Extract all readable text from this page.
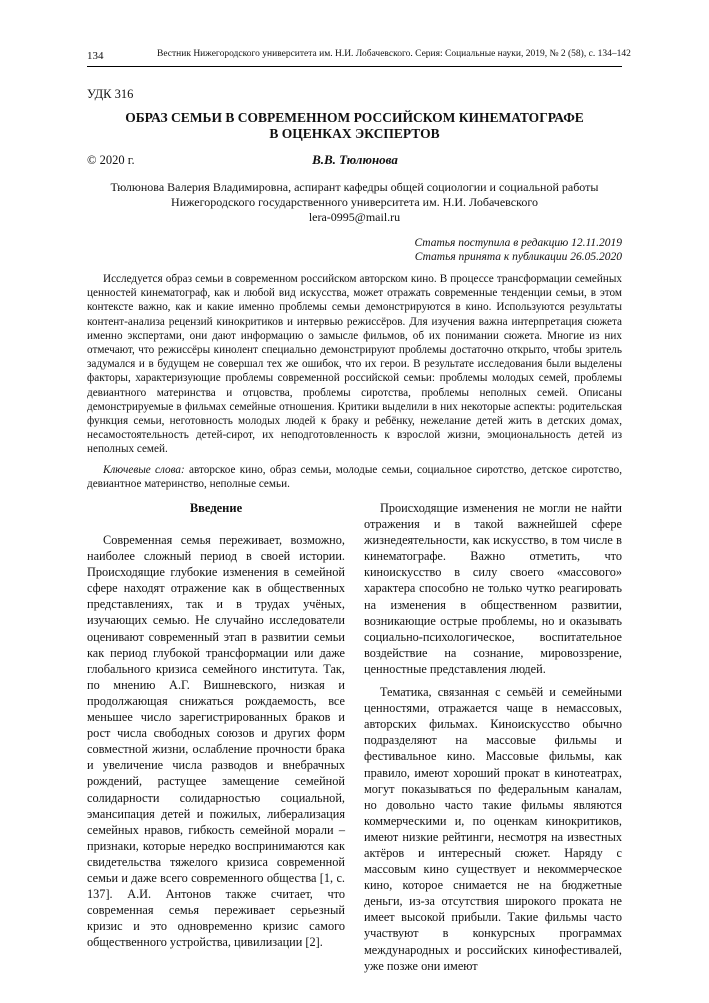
134	Вестник Нижегородского университета им. Н.И. Лобачевского. Серия: Социальные науки, 2019, № 2 (58), с. 134–142
УДК 316
ОБРАЗ СЕМЬИ В СОВРЕМЕННОМ РОССИЙСКОМ КИНЕМАТОГРАФЕ
В ОЦЕНКАХ ЭКСПЕРТОВ
© 2020 г.	В.В. Тюлюнова
Тюлюнова Валерия Владимировна, аспирант кафедры общей социологии и социальной работы
Нижегородского государственного университета им. Н.И. Лобачевского
lera-0995@mail.ru
Статья поступила в редакцию 12.11.2019
Статья принята к публикации 26.05.2020

Исследуется образ семьи в современном российском авторском кино. В процессе трансформации семейных ценностей кинематограф, как и любой вид искусства, может отражать современные тенденции семьи, в этом контексте важно, как и какие именно проблемы семьи демонстрируются в кино. Используются результаты контент-анализа рецензий кинокритиков и интервью режиссёров. Для изучения важна интерпретация сюжета именно экспертами, они дают информацию о замысле фильмов, об их понимании сюжета. Многие из них отмечают, что режиссёры кинолент специально демонстрируют проблемы достаточно открыто, чтобы зритель задумался и в будущем не совершал тех же ошибок, что их герои. В результате исследования были выделены факторы, характеризующие проблемы современной российской семьи: проблемы молодых семей, проблемы девиантного материнства и отцовства, проблемы сиротства, проблемы неполных семей. Описаны демонстрируемые в фильмах семейные отношения. Критики выделили в них некоторые аспекты: родительская функция семьи, неготовность молодых людей к браку и ребёнку, нежелание детей жить в детских домах, несамостоятельность детей-сирот, их неподготовленность к взрослой жизни, эмоциональность детей из неполных семей.

Ключевые слова: авторское кино, образ семьи, молодые семьи, социальное сиротство, детское сиротство, девиантное материнство, неполные семьи.

Введение

Современная семья переживает, возможно, наиболее сложный период в своей истории. Происходящие глубокие изменения в семейной сфере находят отражение как в общественных представлениях, так и в трудах учёных, изучающих семью. Не случайно исследователи оценивают современный этап в развитии семьи как период глубокой трансформации или даже глобального кризиса семейного института. Так, по мнению А.Г. Вишневского, низкая и продолжающая снижаться рождаемость, все меньшее число зарегистрированных браков и рост числа свободных союзов и других форм совместной жизни, ослабление прочности брака и увеличение числа разводов и внебрачных рождений, растущее замещение семейной солидарности солидарностью социальной, эмансипация детей и пожилых, либерализация семейных нравов, гибкость семейной морали – признаки, которые нередко воспринимаются как свидетельства тяжелого кризиса современной семьи и даже всего современного общества [1, с. 137]. А.И. Антонов также считает, что современная семья переживает серьезный кризис и это одновременно кризис самого общественного устройства, цивилизации [2].

Происходящие изменения не могли не найти отражения и в такой важнейшей сфере жизнедеятельности, как искусство, в том числе в кинематографе. Важно отметить, что киноискусство в силу своего «массового» характера способно не только чутко реагировать на изменения в общественном развитии, возникающие острые проблемы, но и оказывать социально-психологическое, воспитательное воздействие на сознание, мировоззрение, ценностные представления людей.

Тематика, связанная с семьёй и семейными ценностями, отражается чаще в немассовых, авторских фильмах. Киноискусство обычно подразделяют на массовые фильмы и фестивальное кино. Массовые фильмы, как правило, имеют хороший прокат в кинотеатрах, могут показываться по федеральным каналам, но довольно часто такие фильмы являются коммерческими и, по оценкам кинокритиков, имеют низкие рейтинги, несмотря на известных актёров и интересный сюжет. Наряду с массовым кино существует и некоммерческое кино, которое снимается не на бюджетные деньги, из-за отсутствия широкого проката не имеет высокой прибыли. Такие фильмы часто участвуют в конкурсных программах международных и российских кинофестивалей, уже позже они имеют
